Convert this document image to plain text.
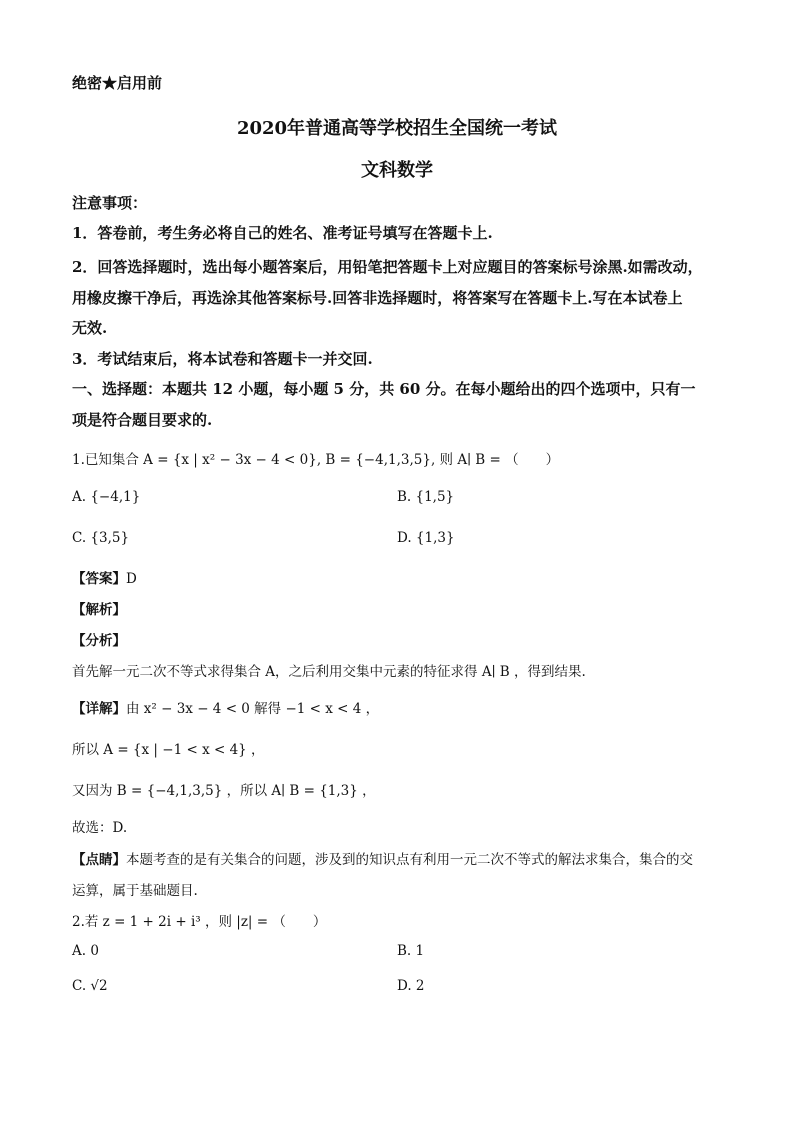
绝密★启用前
2020年普通高等学校招生全国统一考试
文科数学
注意事项：
1．答卷前，考生务必将自己的姓名、准考证号填写在答题卡上.
2．回答选择题时，选出每小题答案后，用铅笔把答题卡上对应题目的答案标号涂黑.如需改动，
用橡皮擦干净后，再选涂其他答案标号.回答非选择题时，将答案写在答题卡上.写在本试卷上
无效.
3．考试结束后，将本试卷和答题卡一并交回.
一、选择题：本题共 12 小题，每小题 5 分，共 60 分。在每小题给出的四个选项中，只有一
项是符合题目要求的.
1.已知集合 A = {x | x² − 3x − 4 < 0}, B = {−4,1,3,5}, 则 A∣ B = （　　）
A. {−4,1}	B. {1,5}
C. {3,5}	D. {1,3}
【答案】D
【解析】
【分析】
首先解一元二次不等式求得集合 A，之后利用交集中元素的特征求得 A∣ B ，得到结果.
【详解】由 x² − 3x − 4 < 0 解得 −1 < x < 4 ，
所以 A = {x | −1 < x < 4} ，
又因为 B = {−4,1,3,5} ，所以 A∣ B = {1,3} ，
故选：D.
【点睛】本题考查的是有关集合的问题，涉及到的知识点有利用一元二次不等式的解法求集合，集合的交
运算，属于基础题目.
2.若 z = 1 + 2i + i³ ，则 |z| = （　　）
A. 0	B. 1
C. √2	D. 2
